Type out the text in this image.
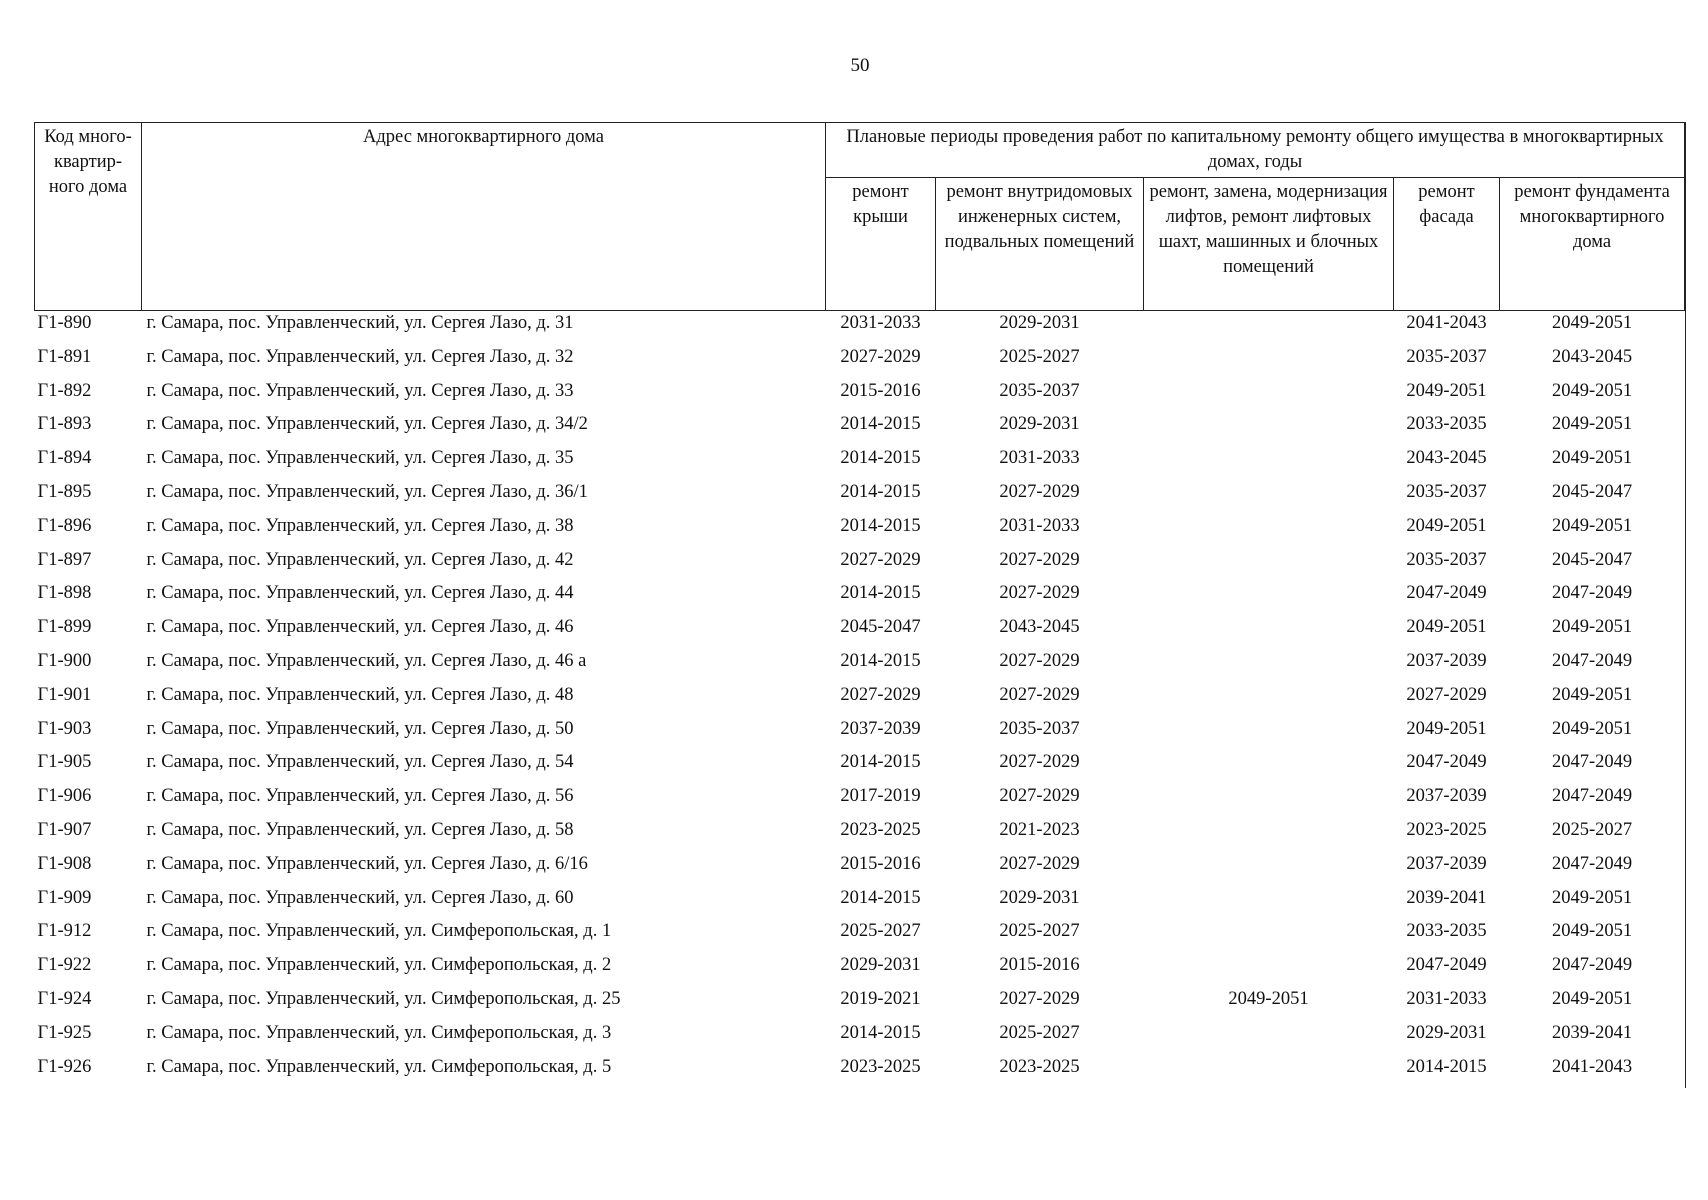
50
Код много-квартир-ного дома	Адрес многоквартирного дома	Плановые периоды проведения работ по капитальному ремонту общего имущества в многоквартирных домах, годы				
		ремонт крыши	ремонт внутридомовых инженерных систем, подвальных помещений	ремонт, замена, модернизация лифтов, ремонт лифтовых шахт, машинных и блочных помещений	ремонт фасада	ремонт фундамента многоквартирного дома
Г1-890	г. Самара, пос. Управленческий, ул. Сергея Лазо, д. 31	2031-2033	2029-2031		2041-2043	2049-2051
Г1-891	г. Самара, пос. Управленческий, ул. Сергея Лазо, д. 32	2027-2029	2025-2027		2035-2037	2043-2045
Г1-892	г. Самара, пос. Управленческий, ул. Сергея Лазо, д. 33	2015-2016	2035-2037		2049-2051	2049-2051
Г1-893	г. Самара, пос. Управленческий, ул. Сергея Лазо, д. 34/2	2014-2015	2029-2031		2033-2035	2049-2051
Г1-894	г. Самара, пос. Управленческий, ул. Сергея Лазо, д. 35	2014-2015	2031-2033		2043-2045	2049-2051
Г1-895	г. Самара, пос. Управленческий, ул. Сергея Лазо, д. 36/1	2014-2015	2027-2029		2035-2037	2045-2047
Г1-896	г. Самара, пос. Управленческий, ул. Сергея Лазо, д. 38	2014-2015	2031-2033		2049-2051	2049-2051
Г1-897	г. Самара, пос. Управленческий, ул. Сергея Лазо, д. 42	2027-2029	2027-2029		2035-2037	2045-2047
Г1-898	г. Самара, пос. Управленческий, ул. Сергея Лазо, д. 44	2014-2015	2027-2029		2047-2049	2047-2049
Г1-899	г. Самара, пос. Управленческий, ул. Сергея Лазо, д. 46	2045-2047	2043-2045		2049-2051	2049-2051
Г1-900	г. Самара, пос. Управленческий, ул. Сергея Лазо, д. 46 а	2014-2015	2027-2029		2037-2039	2047-2049
Г1-901	г. Самара, пос. Управленческий, ул. Сергея Лазо, д. 48	2027-2029	2027-2029		2027-2029	2049-2051
Г1-903	г. Самара, пос. Управленческий, ул. Сергея Лазо, д. 50	2037-2039	2035-2037		2049-2051	2049-2051
Г1-905	г. Самара, пос. Управленческий, ул. Сергея Лазо, д. 54	2014-2015	2027-2029		2047-2049	2047-2049
Г1-906	г. Самара, пос. Управленческий, ул. Сергея Лазо, д. 56	2017-2019	2027-2029		2037-2039	2047-2049
Г1-907	г. Самара, пос. Управленческий, ул. Сергея Лазо, д. 58	2023-2025	2021-2023		2023-2025	2025-2027
Г1-908	г. Самара, пос. Управленческий, ул. Сергея Лазо, д. 6/16	2015-2016	2027-2029		2037-2039	2047-2049
Г1-909	г. Самара, пос. Управленческий, ул. Сергея Лазо, д. 60	2014-2015	2029-2031		2039-2041	2049-2051
Г1-912	г. Самара, пос. Управленческий, ул. Симферопольская, д. 1	2025-2027	2025-2027		2033-2035	2049-2051
Г1-922	г. Самара, пос. Управленческий, ул. Симферопольская, д. 2	2029-2031	2015-2016		2047-2049	2047-2049
Г1-924	г. Самара, пос. Управленческий, ул. Симферопольская, д. 25	2019-2021	2027-2029	2049-2051	2031-2033	2049-2051
Г1-925	г. Самара, пос. Управленческий, ул. Симферопольская, д. 3	2014-2015	2025-2027		2029-2031	2039-2041
Г1-926	г. Самара, пос. Управленческий, ул. Симферопольская, д. 5	2023-2025	2023-2025		2014-2015	2041-2043
